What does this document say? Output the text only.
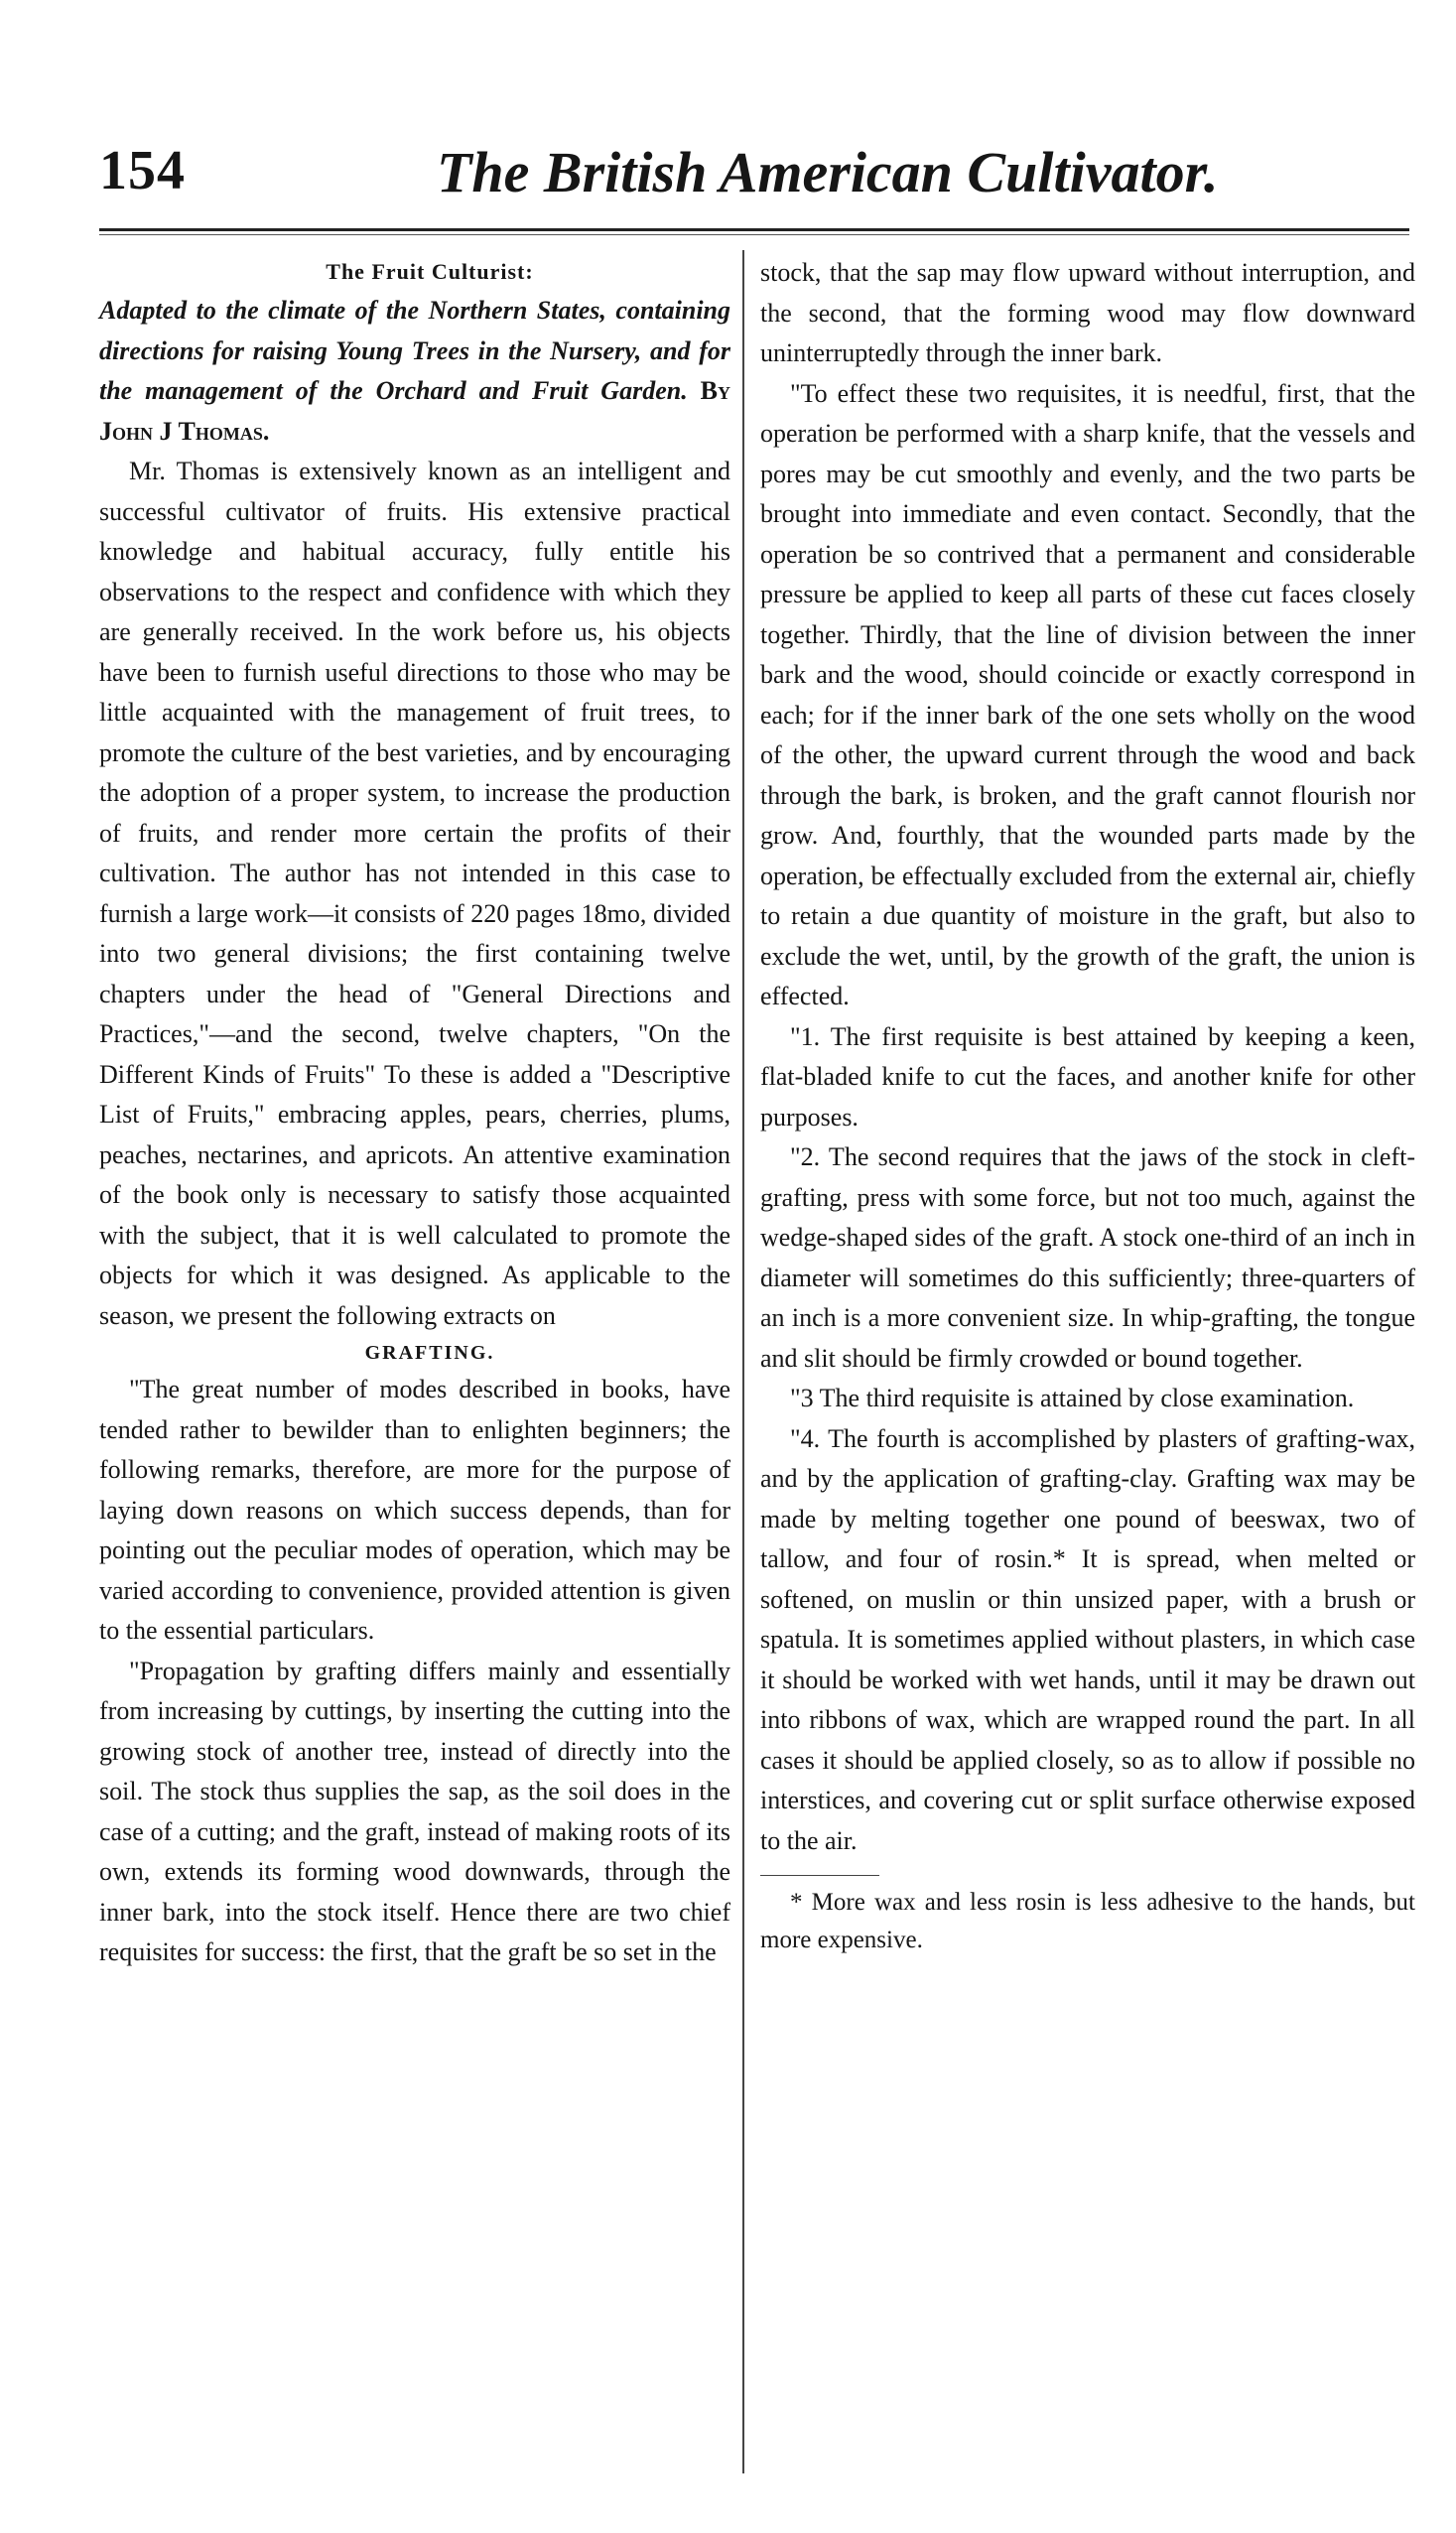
154	The British American Cultivator.

The Fruit Culturist:

Adapted to the climate of the Northern States, containing directions for raising Young Trees in the Nursery, and for the management of the Orchard and Fruit Garden. By John J Thomas.

Mr. Thomas is extensively known as an intelligent and successful cultivator of fruits. His extensive practical knowledge and habitual accuracy, fully entitle his observations to the respect and confidence with which they are generally received. In the work before us, his objects have been to furnish useful directions to those who may be little acquainted with the management of fruit trees, to promote the culture of the best varieties, and by encouraging the adoption of a proper system, to increase the production of fruits, and render more certain the profits of their cultivation. The author has not intended in this case to furnish a large work—it consists of 220 pages 18mo, divided into two general divisions; the first containing twelve chapters under the head of "General Directions and Practices,"—and the second, twelve chapters, "On the Different Kinds of Fruits" To these is added a "Descriptive List of Fruits," embracing apples, pears, cherries, plums, peaches, nectarines, and apricots. An attentive examination of the book only is necessary to satisfy those acquainted with the subject, that it is well calculated to promote the objects for which it was designed. As applicable to the season, we present the following extracts on

GRAFTING.

"The great number of modes described in books, have tended rather to bewilder than to enlighten beginners; the following remarks, therefore, are more for the purpose of laying down reasons on which success depends, than for pointing out the peculiar modes of operation, which may be varied according to convenience, provided attention is given to the essential particulars.

"Propagation by grafting differs mainly and essentially from increasing by cuttings, by inserting the cutting into the growing stock of another tree, instead of directly into the soil. The stock thus supplies the sap, as the soil does in the case of a cutting; and the graft, instead of making roots of its own, extends its forming wood downwards, through the inner bark, into the stock itself. Hence there are two chief requisites for success: the first, that the graft be so set in the

stock, that the sap may flow upward without interruption, and the second, that the forming wood may flow downward uninterruptedly through the inner bark.

"To effect these two requisites, it is needful, first, that the operation be performed with a sharp knife, that the vessels and pores may be cut smoothly and evenly, and the two parts be brought into immediate and even contact. Secondly, that the operation be so contrived that a permanent and considerable pressure be applied to keep all parts of these cut faces closely together. Thirdly, that the line of division between the inner bark and the wood, should coincide or exactly correspond in each; for if the inner bark of the one sets wholly on the wood of the other, the upward current through the wood and back through the bark, is broken, and the graft cannot flourish nor grow. And, fourthly, that the wounded parts made by the operation, be effectually excluded from the external air, chiefly to retain a due quantity of moisture in the graft, but also to exclude the wet, until, by the growth of the graft, the union is effected.

"1. The first requisite is best attained by keeping a keen, flat-bladed knife to cut the faces, and another knife for other purposes.

"2. The second requires that the jaws of the stock in cleft-grafting, press with some force, but not too much, against the wedge-shaped sides of the graft. A stock one-third of an inch in diameter will sometimes do this sufficiently; three-quarters of an inch is a more convenient size. In whip-grafting, the tongue and slit should be firmly crowded or bound together.

"3 The third requisite is attained by close examination.

"4. The fourth is accomplished by plasters of grafting-wax, and by the application of grafting-clay. Grafting wax may be made by melting together one pound of beeswax, two of tallow, and four of rosin.* It is spread, when melted or softened, on muslin or thin unsized paper, with a brush or spatula. It is sometimes applied without plasters, in which case it should be worked with wet hands, until it may be drawn out into ribbons of wax, which are wrapped round the part. In all cases it should be applied closely, so as to allow if possible no interstices, and covering cut or split surface otherwise exposed to the air.

* More wax and less rosin is less adhesive to the hands, but more expensive.
